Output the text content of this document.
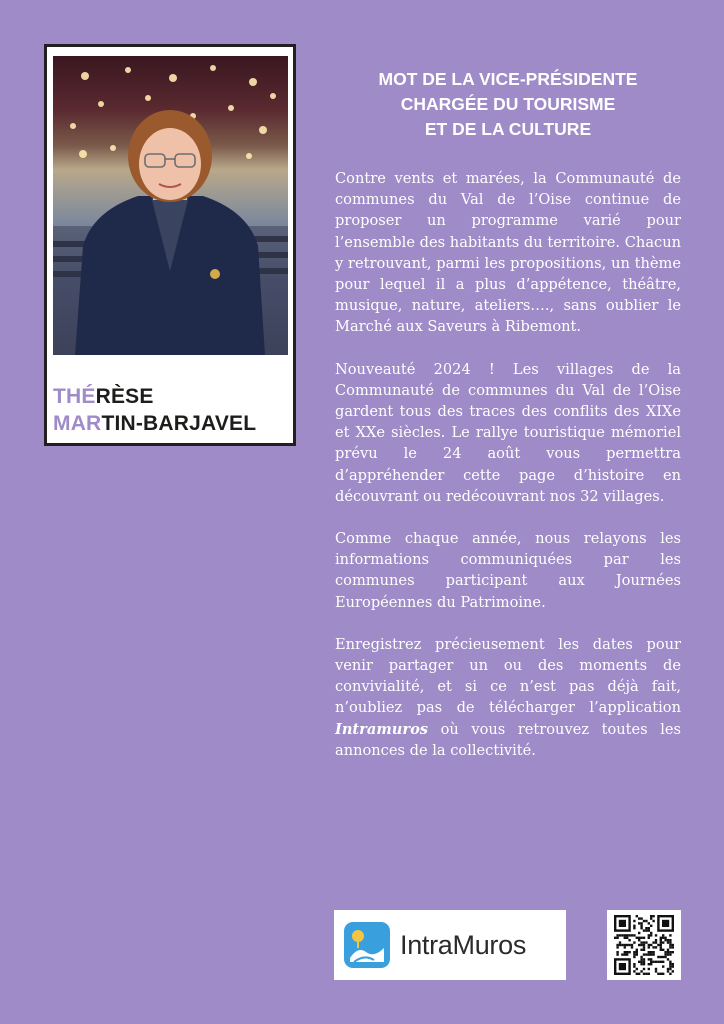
THÉRÈSE
MARTIN-BARJAVEL
MOT DE LA VICE-PRÉSIDENTE
CHARGÉE DU TOURISME
ET DE LA CULTURE

Contre vents et marées, la Communauté de communes du Val de l’Oise continue de proposer un programme varié pour l’ensemble des habitants du territoire. Chacun y retrouvant, parmi les propositions, un thème pour lequel il a plus d’appétence, théâtre, musique, nature, ateliers…., sans oublier le Marché aux Saveurs à Ribemont.

Nouveauté 2024 ! Les villages de la Communauté de communes du Val de l’Oise gardent tous des traces des conflits des XIXe et XXe siècles. Le rallye touristique mémoriel prévu le 24 août vous permettra d’appréhender cette page d’histoire en découvrant ou redécouvrant nos 32 villages.

Comme chaque année, nous relayons les informations communiquées par les communes participant aux Journées Européennes du Patrimoine.

Enregistrez précieusement les dates pour venir partager un ou des moments de convivialité, et si ce n’est pas déjà fait, n’oubliez pas de télécharger l’application Intramuros où vous retrouvez toutes les annonces de la collectivité.

IntraMuros
